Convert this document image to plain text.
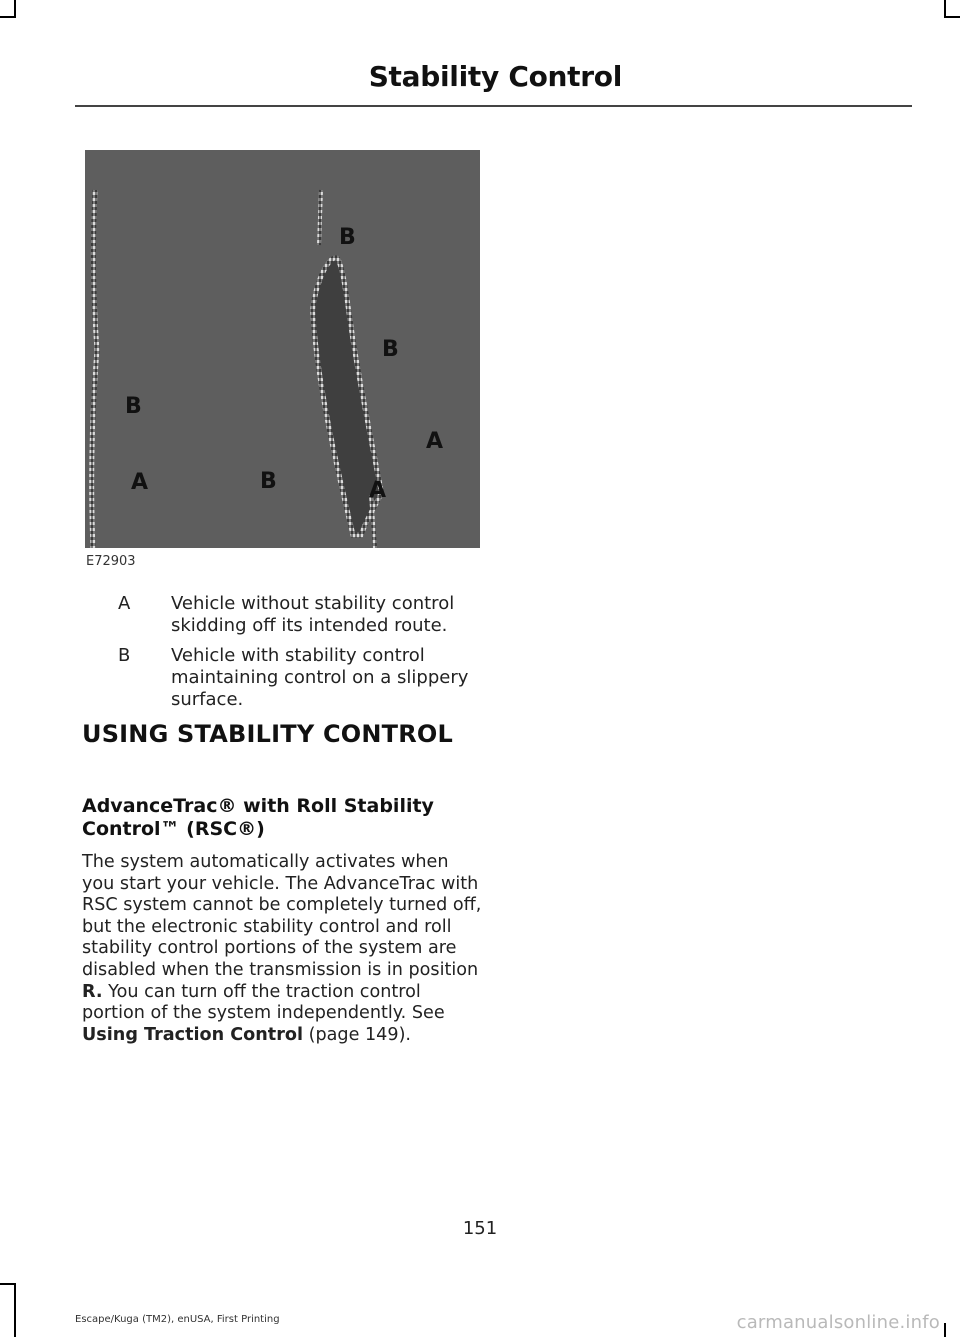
Stability Control
B
B
B
A
B
A	A
E72903
A Vehicle without stability control skidding off its intended route.
B Vehicle with stability control maintaining control on a slippery surface.
USING STABILITY CONTROL
AdvanceTrac® with Roll Stability Control™ (RSC®)

The system automatically activates when you start your vehicle. The AdvanceTrac with RSC system cannot be completely turned off, but the electronic stability control and roll stability control portions of the system are disabled when the transmission is in position R. You can turn off the traction control portion of the system independently. See Using Traction Control (page 149).

151
Escape/Kuga (TM2), enUSA, First Printing	carmanualsonline.info
